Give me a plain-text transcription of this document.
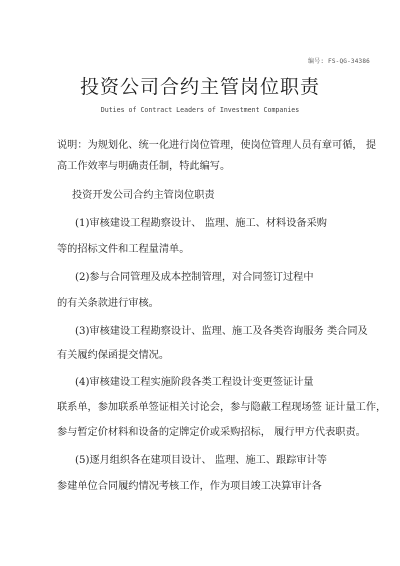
编号: FS-QG-34386
投资公司合约主管岗位职责
Duties of Contract Leaders of Investment Companies
说明：为规划化、统一化进行岗位管理，使岗位管理人员有章可循， 提
高工作效率与明确责任制，特此编写。
投资开发公司合约主管岗位职责
(1)审核建设工程勘察设计、 监理、施工、材料设备采购
等的招标文件和工程量清单。
(2)参与合同管理及成本控制管理，对合同签订过程中
的有关条款进行审核。
(3)审核建设工程勘察设计、监理、施工及各类咨询服务 类合同及
有关履约保函提交情况。
(4)审核建设工程实施阶段各类工程设计变更签证计量
联系单，参加联系单签证相关讨论会，参与隐蔽工程现场签 证计量工作，
参与暂定价材料和设备的定牌定价或采购招标， 履行甲方代表职责。
(5)逐月组织各在建项目设计、 监理、施工、跟踪审计等
参建单位合同履约情况考核工作，作为项目竣工决算审计各
